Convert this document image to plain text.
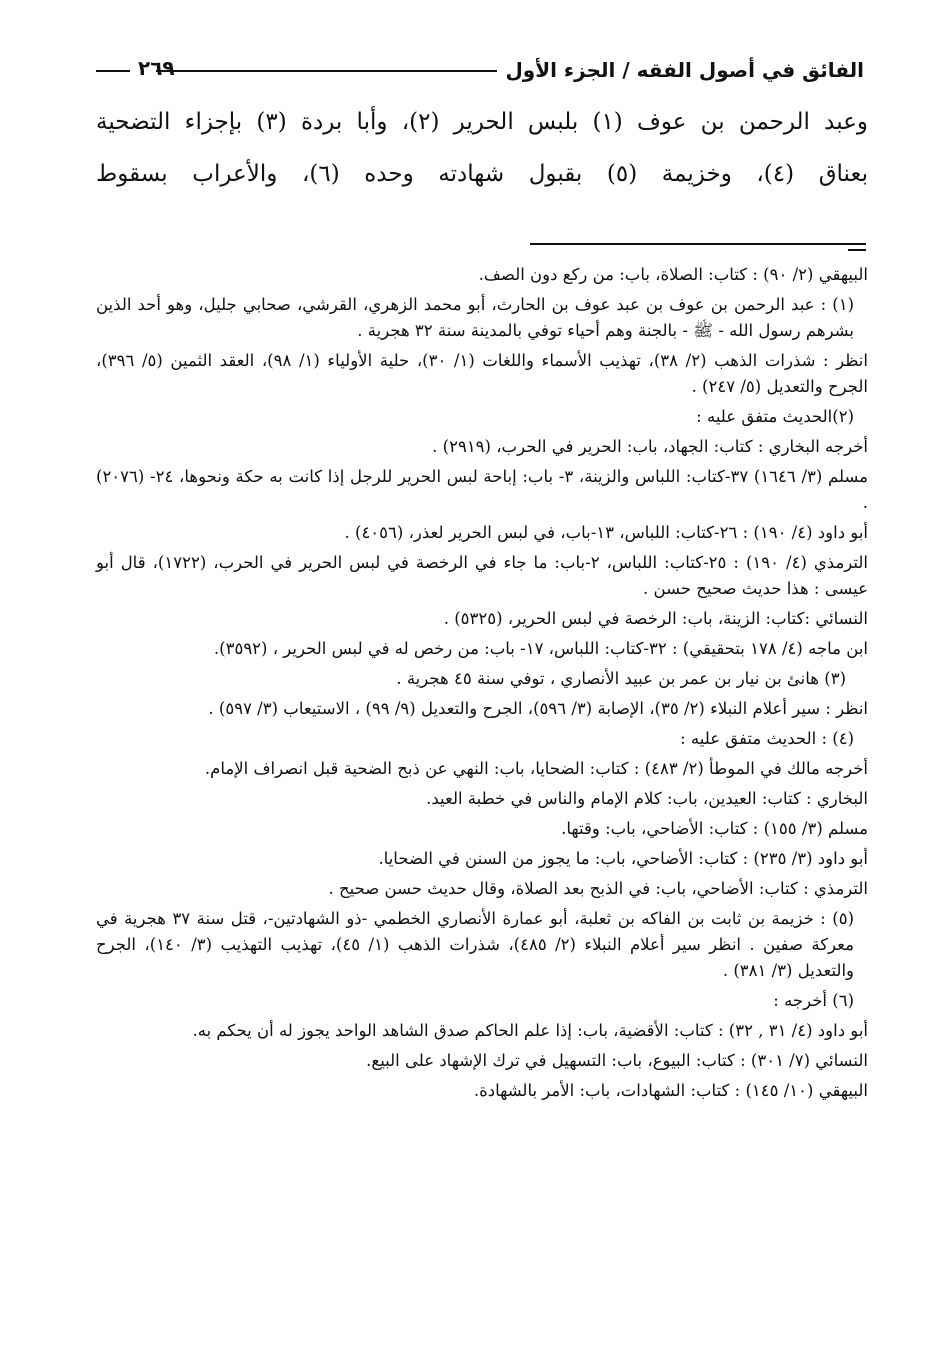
٢٦٩	الفائق في أصول الفقه / الجزء الأول

وعبد الرحمن بن عوف (١) بلبس الحرير (٢)، وأبا بردة (٣) بإجزاء التضحية

بعناق (٤)، وخزيمة (٥) بقبول شهادته وحده (٦)، والأعراب بسقوط

البيهقي (٢/ ٩٠) : كتاب: الصلاة، باب: من ركع دون الصف.

(١) : عبد الرحمن بن عوف بن عبد عوف بن الحارث، أبو محمد الزهري، القرشي، صحابي جليل، وهو أحد الذين بشرهم رسول الله - ﷺ - بالجنة وهم أحياء توفي بالمدينة سنة ٣٢ هجرية .

انظر : شذرات الذهب (٢/ ٣٨)، تهذيب الأسماء واللغات (١/ ٣٠)، حلية الأولياء (١/ ٩٨)، العقد الثمين (٥/ ٣٩٦)، الجرح والتعديل (٥/ ٢٤٧) .

(٢)الحديث متفق عليه :

أخرجه البخاري : كتاب: الجهاد، باب: الحرير في الحرب، (٢٩١٩) .

مسلم (٣/ ١٦٤٦) ٣٧-كتاب: اللباس والزينة، ٣- باب: إباحة لبس الحرير للرجل إذا كانت به حكة ونحوها، ٢٤- (٢٠٧٦) .

أبو داود (٤/ ١٩٠) : ٢٦-كتاب: اللباس، ١٣-باب، في لبس الحرير لعذر، (٤٠٥٦) .

الترمذي (٤/ ١٩٠) : ٢٥-كتاب: اللباس، ٢-باب: ما جاء في الرخصة في لبس الحرير في الحرب، (١٧٢٢)، قال أبو عيسى : هذا حديث صحيح حسن .

النسائي :كتاب: الزينة، باب: الرخصة في لبس الحرير، (٥٣٢٥) .

ابن ماجه (٤/ ١٧٨ بتحقيقي) : ٣٢-كتاب: اللباس، ١٧- باب: من رخص له في لبس الحرير ، (٣٥٩٢).

(٣) هانئ بن نيار بن عمر بن عبيد الأنصاري ، توفي سنة ٤٥ هجرية .

انظر : سير أعلام النبلاء (٢/ ٣٥)، الإصابة (٣/ ٥٩٦)، الجرح والتعديل (٩/ ٩٩) ، الاستيعاب (٣/ ٥٩٧) .

(٤) : الحديث متفق عليه :

أخرجه مالك في الموطأ (٢/ ٤٨٣) : كتاب: الضحايا، باب: النهي عن ذبح الضحية قبل انصراف الإمام.

البخاري : كتاب: العيدين، باب: كلام الإمام والناس في خطبة العيد.

مسلم (٣/ ١٥٥) : كتاب: الأضاحي، باب: وقتها.

أبو داود (٣/ ٢٣٥) : كتاب: الأضاحي، باب: ما يجوز من السنن في الضحايا.

الترمذي : كتاب: الأضاحي، باب: في الذبح بعد الصلاة، وقال حديث حسن صحيح .

(٥) : خزيمة بن ثابت بن الفاكه بن ثعلبة، أبو عمارة الأنصاري الخطمي -ذو الشهادتين-، قتل سنة ٣٧ هجرية في معركة صفين . انظر سير أعلام النبلاء (٢/ ٤٨٥)، شذرات الذهب (١/ ٤٥)، تهذيب التهذيب (٣/ ١٤٠)، الجرح والتعديل (٣/ ٣٨١) .

(٦) أخرجه :

أبو داود (٤/ ٣١ , ٣٢) : كتاب: الأقضية، باب: إذا علم الحاكم صدق الشاهد الواحد يجوز له أن يحكم به.

النسائي (٧/ ٣٠١) : كتاب: البيوع، باب: التسهيل في ترك الإشهاد على البيع.

البيهقي (١٠/ ١٤٥) : كتاب: الشهادات، باب: الأمر بالشهادة.
